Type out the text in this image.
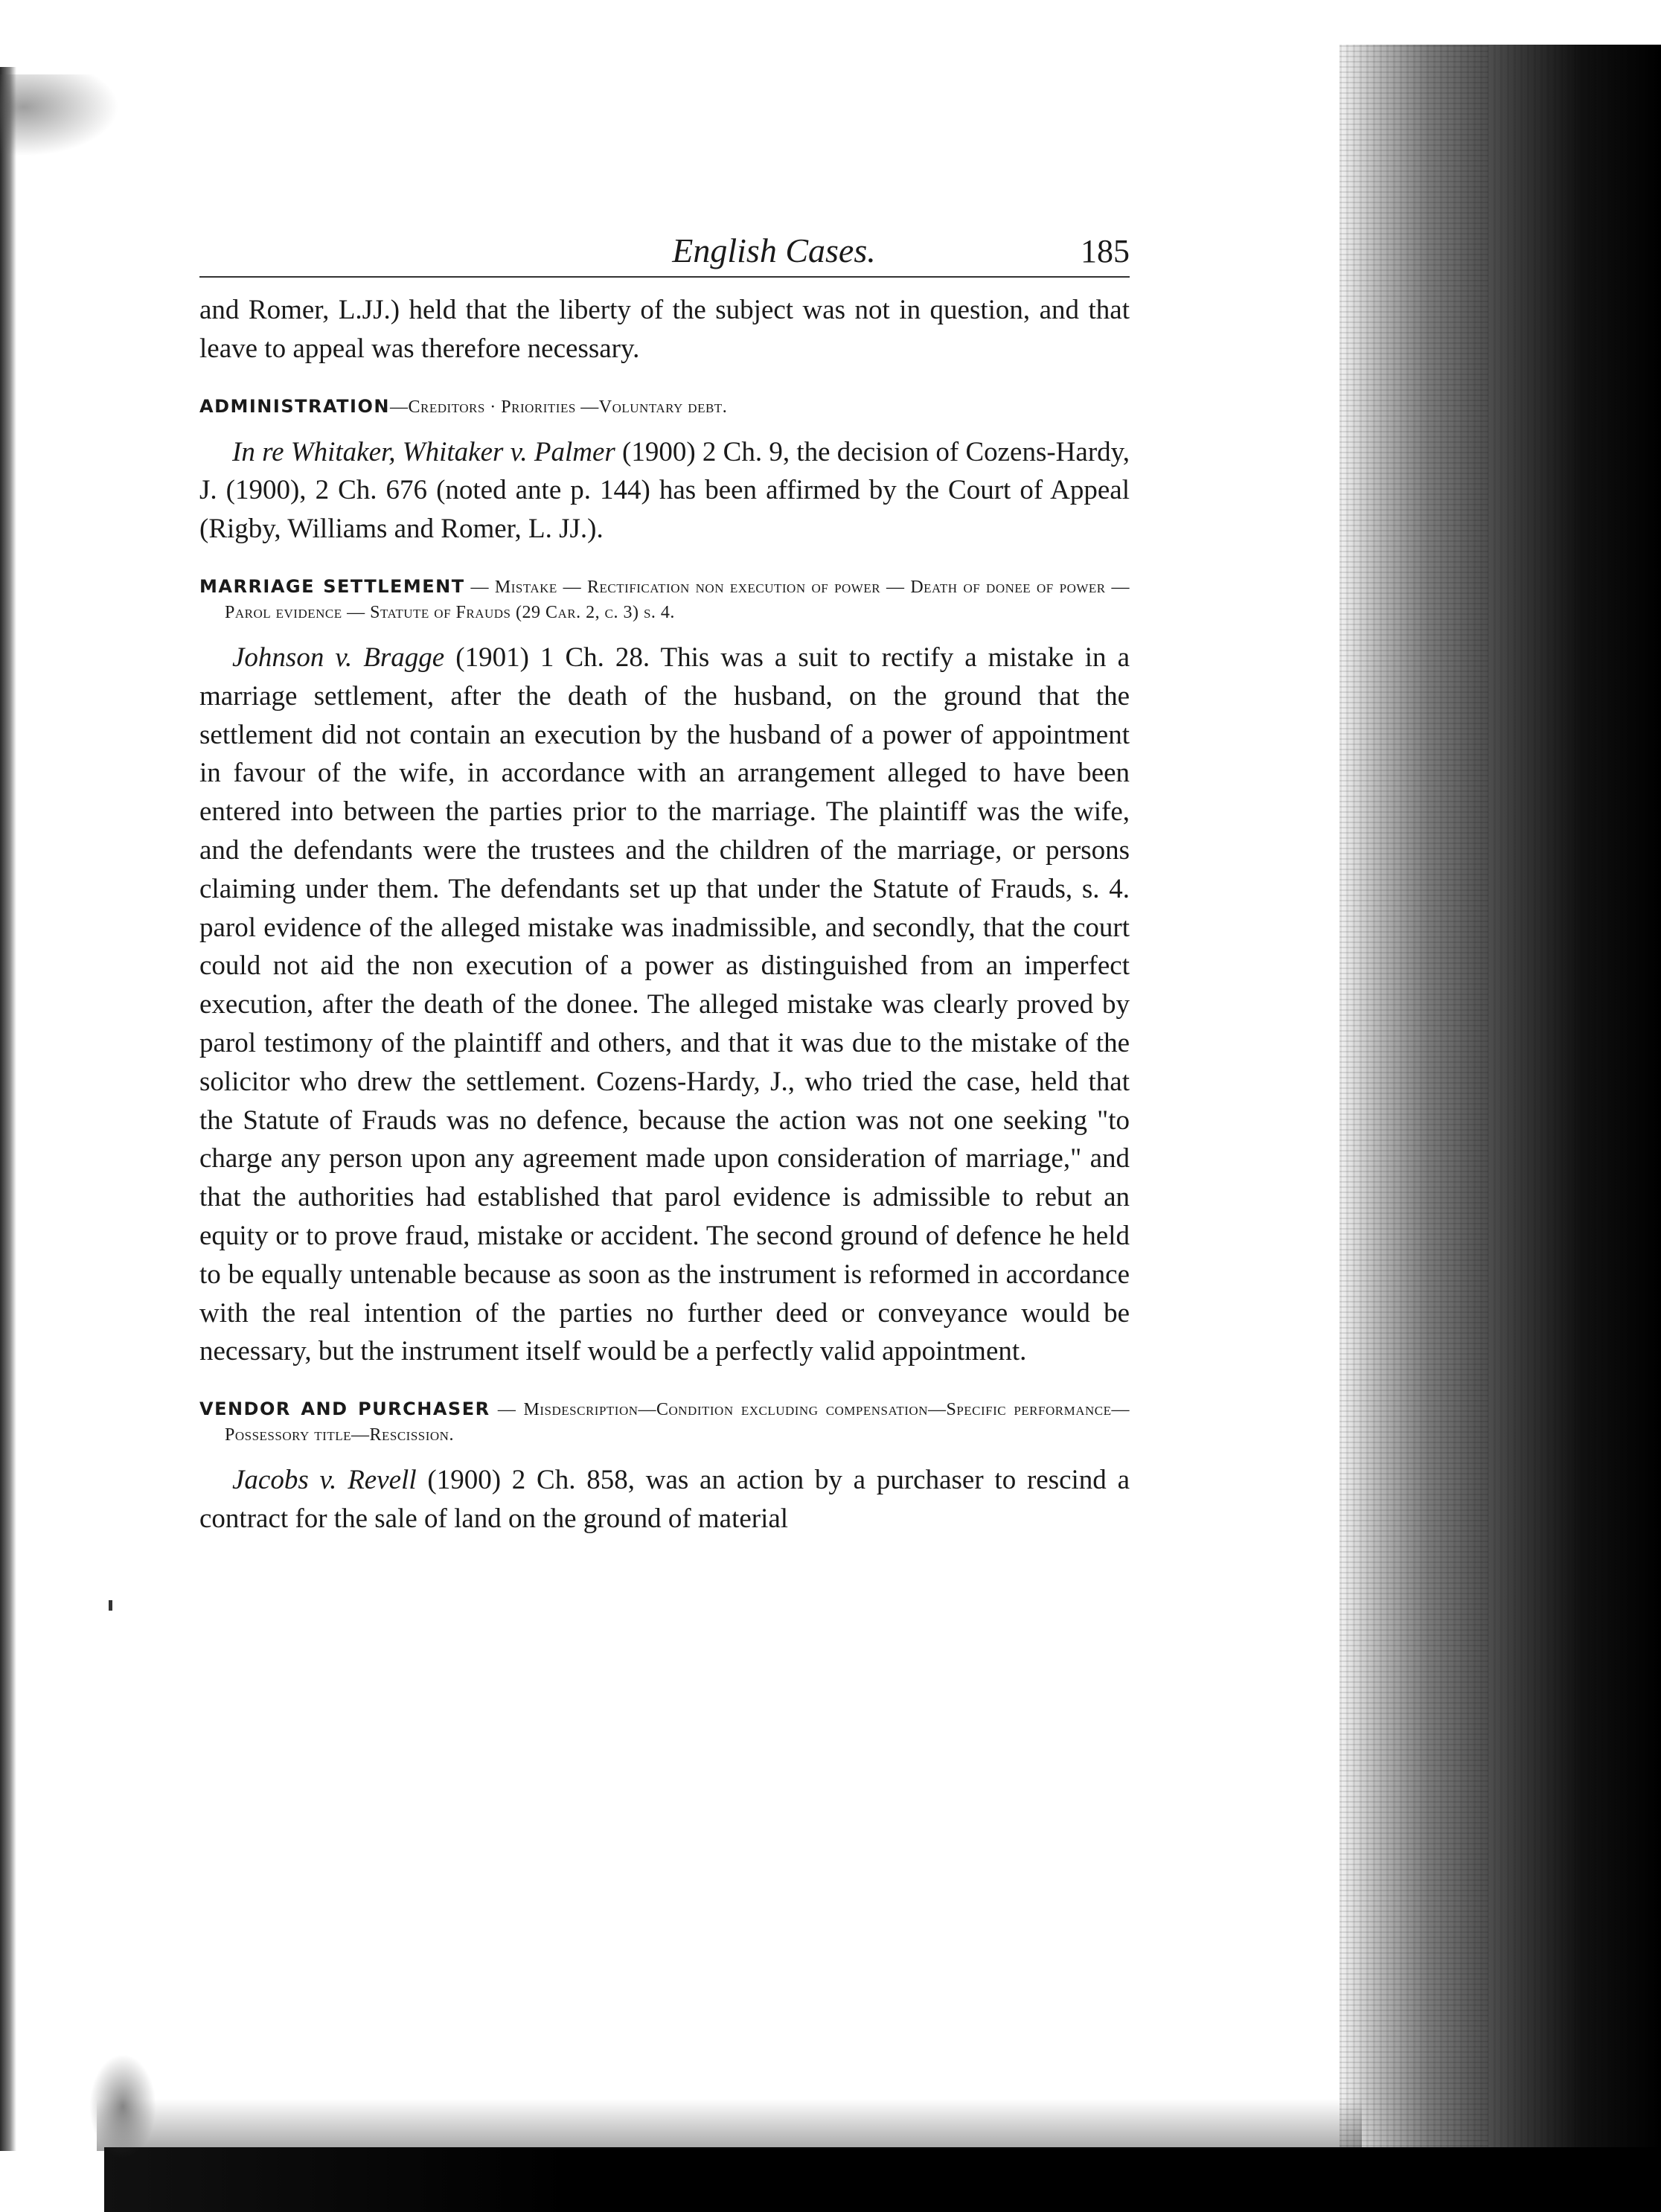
English Cases.	185

and Romer, L.JJ.) held that the liberty of the subject was not in question, and that leave to appeal was therefore necessary.

ADMINISTRATION—Creditors · Priorities —Voluntary debt.

In re Whitaker, Whitaker v. Palmer (1900) 2 Ch. 9, the decision of Cozens-Hardy, J. (1900), 2 Ch. 676 (noted ante p. 144) has been affirmed by the Court of Appeal (Rigby, Williams and Romer, L. JJ.).

MARRIAGE SETTLEMENT — Mistake — Rectification non execution of power — Death of donee of power — Parol evidence — Statute of Frauds (29 Car. 2, c. 3) s. 4.

Johnson v. Bragge (1901) 1 Ch. 28. This was a suit to rectify a mistake in a marriage settlement, after the death of the husband, on the ground that the settlement did not contain an execution by the husband of a power of appointment in favour of the wife, in accordance with an arrangement alleged to have been entered into between the parties prior to the marriage. The plaintiff was the wife, and the defendants were the trustees and the children of the marriage, or persons claiming under them. The defendants set up that under the Statute of Frauds, s. 4. parol evidence of the alleged mistake was inadmissible, and secondly, that the court could not aid the non execution of a power as distinguished from an imperfect execution, after the death of the donee. The alleged mistake was clearly proved by parol testimony of the plaintiff and others, and that it was due to the mistake of the solicitor who drew the settlement. Cozens-Hardy, J., who tried the case, held that the Statute of Frauds was no defence, because the action was not one seeking "to charge any person upon any agreement made upon consideration of marriage," and that the authorities had established that parol evidence is admissible to rebut an equity or to prove fraud, mistake or accident. The second ground of defence he held to be equally untenable because as soon as the instrument is reformed in accordance with the real intention of the parties no further deed or conveyance would be necessary, but the instrument itself would be a perfectly valid appointment.

VENDOR AND PURCHASER — Misdescription—Condition excluding compensation—Specific performance—Possessory title—Rescission.

Jacobs v. Revell (1900) 2 Ch. 858, was an action by a purchaser to rescind a contract for the sale of land on the ground of material
